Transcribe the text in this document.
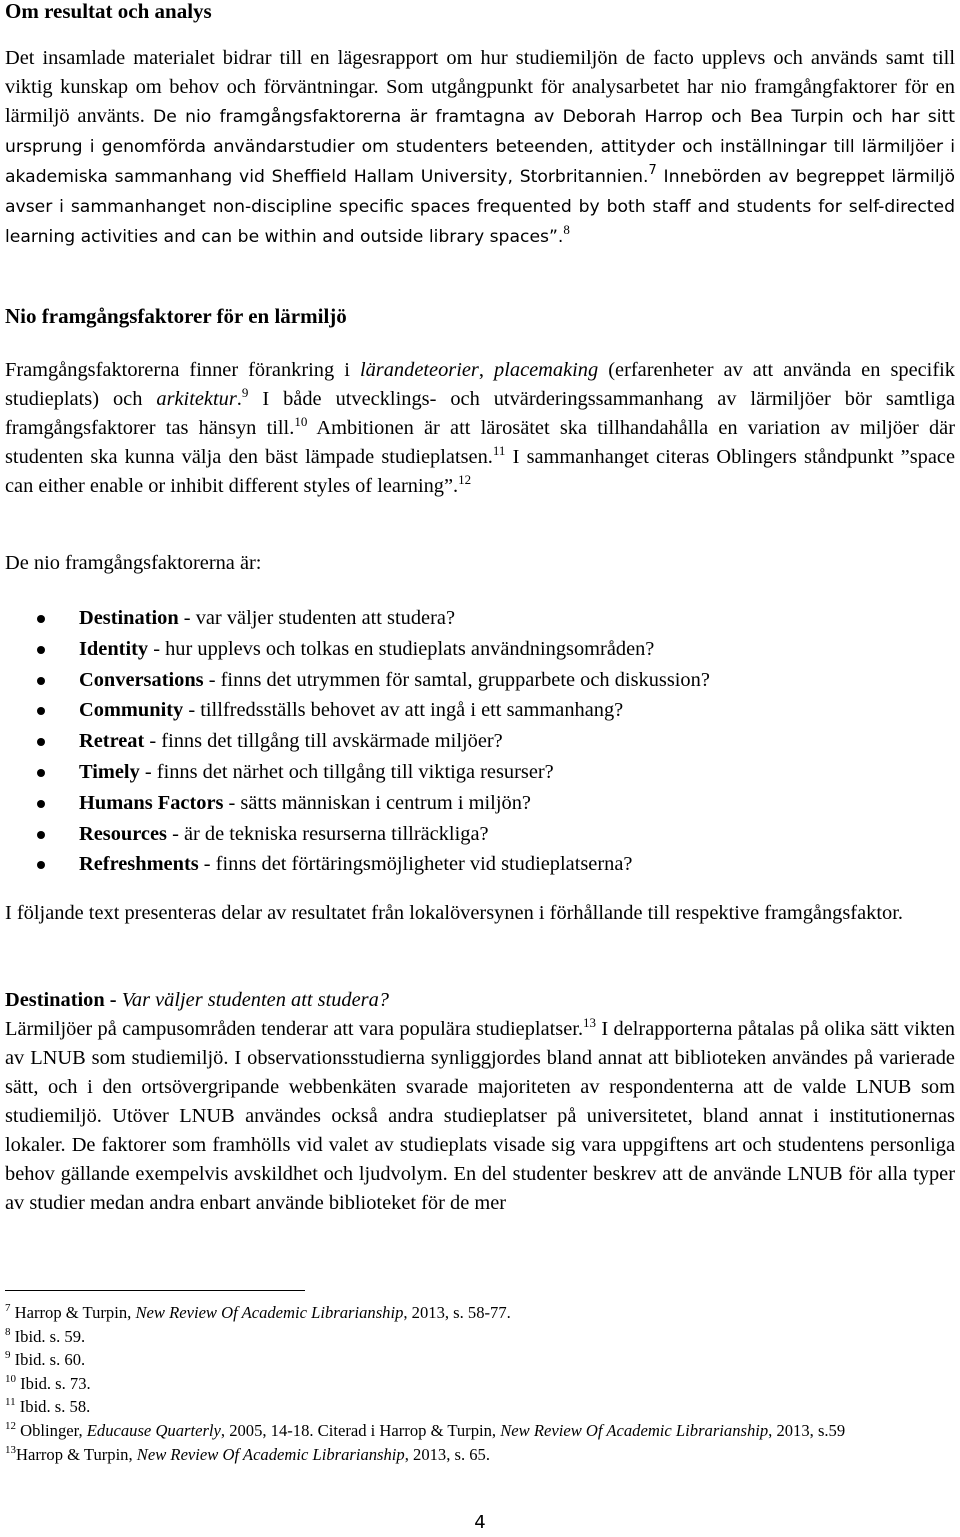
Om resultat och analys
Det insamlade materialet bidrar till en lägesrapport om hur studiemiljön de facto upplevs och används samt till viktig kunskap om behov och förväntningar. Som utgångpunkt för analysarbetet har nio framgångfaktorer för en lärmiljö använts. De nio framgångsfaktorerna är framtagna av Deborah Harrop och Bea Turpin och har sitt ursprung i genomförda användarstudier om studenters beteenden, attityder och inställningar till lärmiljöer i akademiska sammanhang vid Sheffield Hallam University, Storbritannien.$^7$ Innebörden av begreppet lärmiljö avser i sammanhanget non-discipline specific spaces frequented by both staff and students for self-directed learning activities and can be within and outside library spaces”.$^8$
Nio framgångsfaktorer för en lärmiljö
Framgångsfaktorerna finner förankring i lärandeteorier, placemaking (erfarenheter av att använda en specifik studieplats) och arkitektur.$^9$ I både utvecklings- och utvärderingssammanhang av lärmiljöer bör samtliga framgångsfaktorer tas hänsyn till.$^{10}$ Ambitionen är att lärosätet ska tillhandahålla en variation av miljöer där studenten ska kunna välja den bäst lämpade studieplatsen.$^{11}$ I sammanhanget citeras Oblingers ståndpunkt ”space can either enable or inhibit different styles of learning”.$^{12}$
De nio framgångsfaktorerna är:
Destination - var väljer studenten att studera?
Identity - hur upplevs och tolkas en studieplats användningsområden?
Conversations - finns det utrymmen för samtal, grupparbete och diskussion?
Community - tillfredsställs behovet av att ingå i ett sammanhang?
Retreat - finns det tillgång till avskärmade miljöer?
Timely - finns det närhet och tillgång till viktiga resurser?
Humans Factors - sätts människan i centrum i miljön?
Resources - är de tekniska resurserna tillräckliga?
Refreshments - finns det förtäringsmöjligheter vid studieplatserna?
I följande text presenteras delar av resultatet från lokalöversynen i förhållande till respektive framgångsfaktor.
Destination - Var väljer studenten att studera?
Lärmiljöer på campusområden tenderar att vara populära studieplatser.$^{13}$ I delrapporterna påtalas på olika sätt vikten av LNUB som studiemiljö. I observationsstudierna synliggjordes bland annat att biblioteken användes på varierade sätt, och i den ortsövergripande webbenkäten svarade majoriteten av respondenterna att de valde LNUB som studiemiljö. Utöver LNUB användes också andra studieplatser på universitetet, bland annat i institutionernas lokaler. De faktorer som framhölls vid valet av studieplats visade sig vara uppgiftens art och studentens personliga behov gällande exempelvis avskildhet och ljudvolym. En del studenter beskrev att de använde LNUB för alla typer av studier medan andra enbart använde biblioteket för de mer
$^7$ Harrop & Turpin, New Review Of Academic Librarianship, 2013, s. 58-77.
$^8$ Ibid. s. 59.
$^9$ Ibid. s. 60.
$^{10}$ Ibid. s. 73.
$^{11}$ Ibid. s. 58.
$^{12}$ Oblinger, Educause Quarterly, 2005, 14-18. Citerad i Harrop & Turpin, New Review Of Academic Librarianship, 2013, s.59
$^{13}$Harrop & Turpin, New Review Of Academic Librarianship, 2013, s. 65.
4
